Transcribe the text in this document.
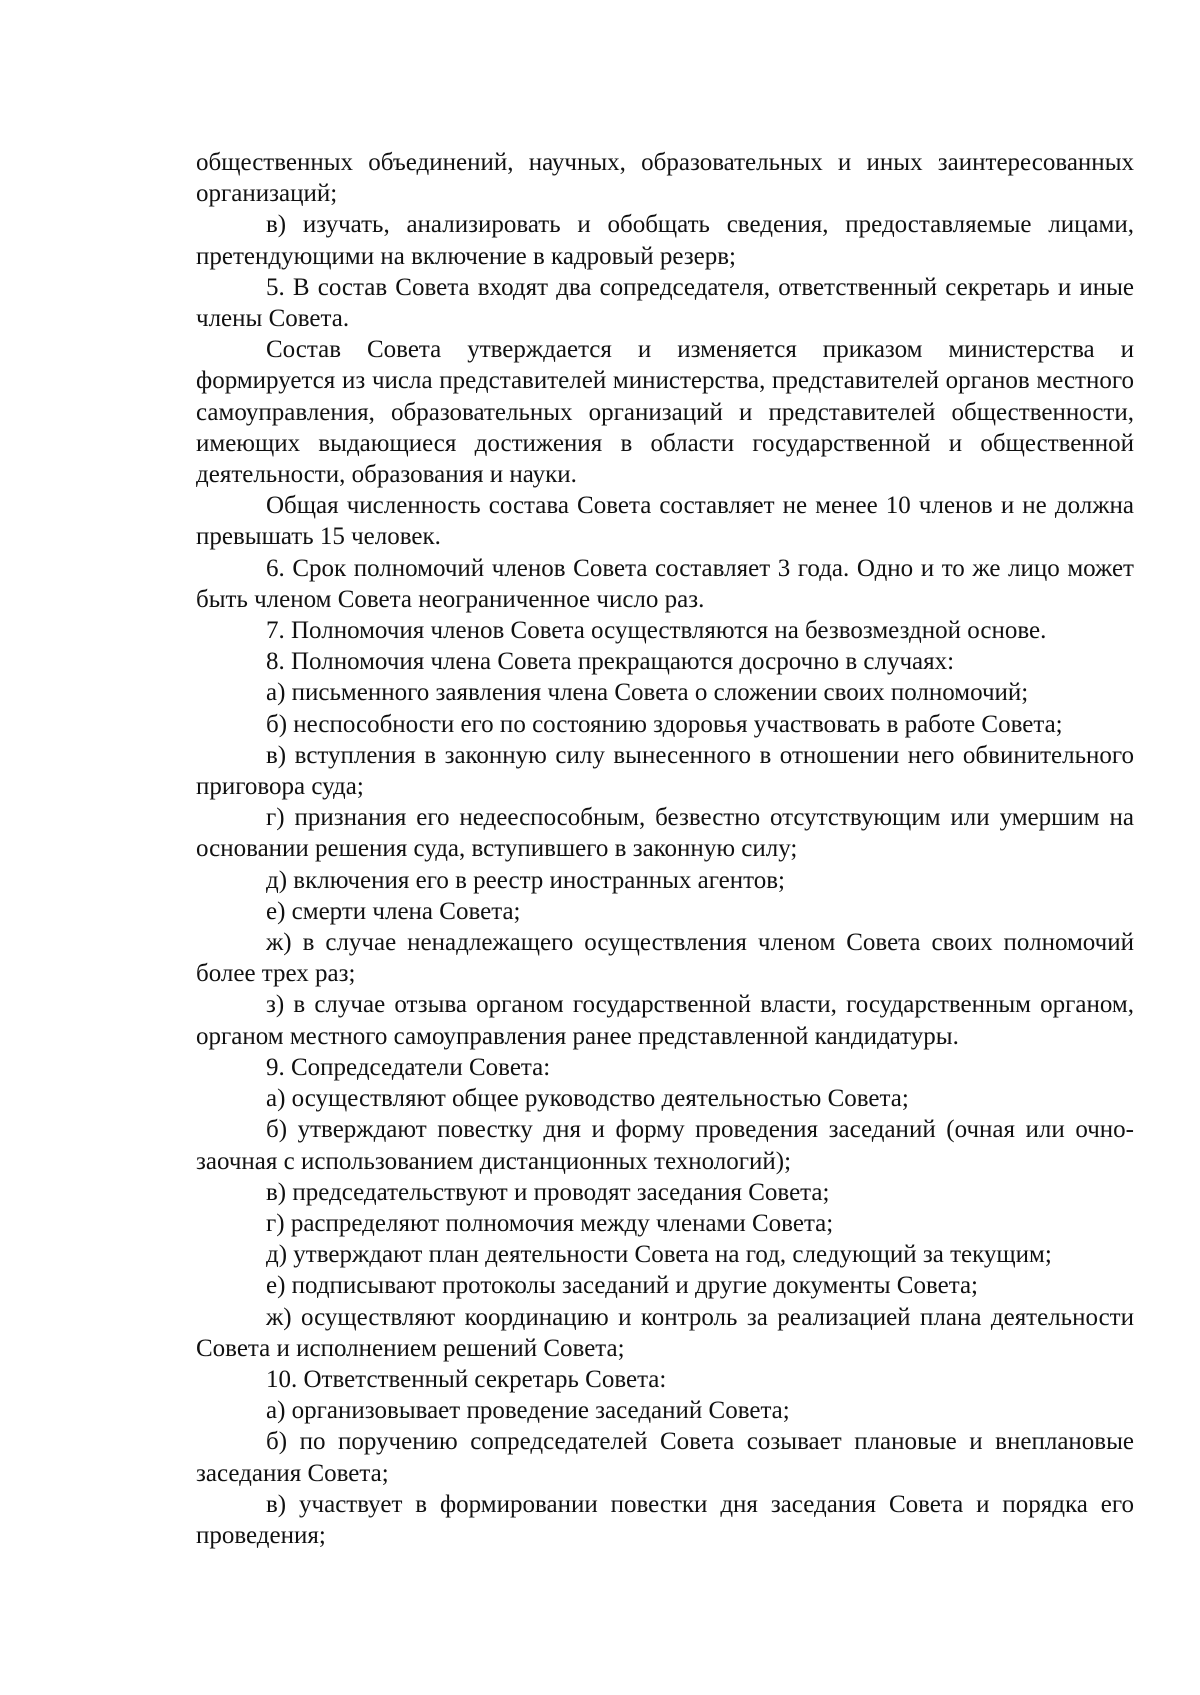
общественных объединений, научных, образовательных и иных заинтересованных организаций;

в) изучать, анализировать и обобщать сведения, предоставляемые лицами, претендующими на включение в кадровый резерв;

5. В состав Совета входят два сопредседателя, ответственный секретарь и иные члены Совета.

Состав Совета утверждается и изменяется приказом министерства и формируется из числа представителей министерства, представителей органов местного самоуправления, образовательных организаций и представителей общественности, имеющих выдающиеся достижения в области государственной и общественной деятельности, образования и науки.

Общая численность состава Совета составляет не менее 10 членов и не должна превышать 15 человек.

6. Срок полномочий членов Совета составляет 3 года. Одно и то же лицо может быть членом Совета неограниченное число раз.

7. Полномочия членов Совета осуществляются на безвозмездной основе.

8. Полномочия члена Совета прекращаются досрочно в случаях:

а) письменного заявления члена Совета о сложении своих полномочий;

б) неспособности его по состоянию здоровья участвовать в работе Совета;

в) вступления в законную силу вынесенного в отношении него обвинительного приговора суда;

г) признания его недееспособным, безвестно отсутствующим или умершим на основании решения суда, вступившего в законную силу;

д) включения его в реестр иностранных агентов;

е) смерти члена Совета;

ж) в случае ненадлежащего осуществления членом Совета своих полномочий более трех раз;

з) в случае отзыва органом государственной власти, государственным органом, органом местного самоуправления ранее представленной кандидатуры.

9. Сопредседатели Совета:

а) осуществляют общее руководство деятельностью Совета;

б) утверждают повестку дня и форму проведения заседаний (очная или очно-заочная с использованием дистанционных технологий);

в) председательствуют и проводят заседания Совета;

г) распределяют полномочия между членами Совета;

д) утверждают план деятельности Совета на год, следующий за текущим;

е) подписывают протоколы заседаний и другие документы Совета;

ж) осуществляют координацию и контроль за реализацией плана деятельности Совета и исполнением решений Совета;

10. Ответственный секретарь Совета:

а) организовывает проведение заседаний Совета;

б) по поручению сопредседателей Совета созывает плановые и внеплановые заседания Совета;

в) участвует в формировании повестки дня заседания Совета и порядка его проведения;
